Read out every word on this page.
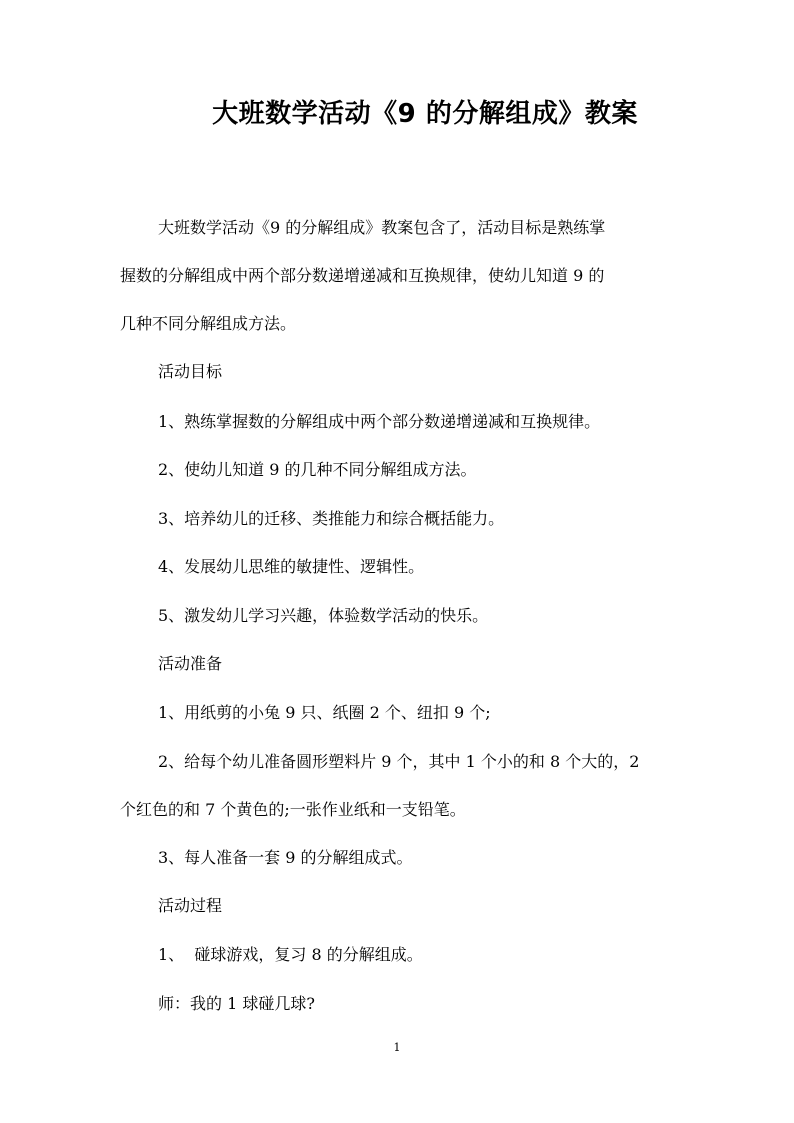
大班数学活动《9 的分解组成》教案

大班数学活动《9 的分解组成》教案包含了，活动目标是熟练掌

握数的分解组成中两个部分数递增递减和互换规律，使幼儿知道 9 的

几种不同分解组成方法。

活动目标

1、熟练掌握数的分解组成中两个部分数递增递减和互换规律。

2、使幼儿知道 9 的几种不同分解组成方法。

3、培养幼儿的迁移、类推能力和综合概括能力。

4、发展幼儿思维的敏捷性、逻辑性。

5、激发幼儿学习兴趣，体验数学活动的快乐。

活动准备

1、用纸剪的小兔 9 只、纸圈 2 个、纽扣 9 个;

2、给每个幼儿准备圆形塑料片 9 个，其中 1 个小的和 8 个大的，2

个红色的和 7 个黄色的;一张作业纸和一支铅笔。

3、每人准备一套 9 的分解组成式。

活动过程

1、  碰球游戏，复习 8 的分解组成。

师：我的 1 球碰几球?

1
